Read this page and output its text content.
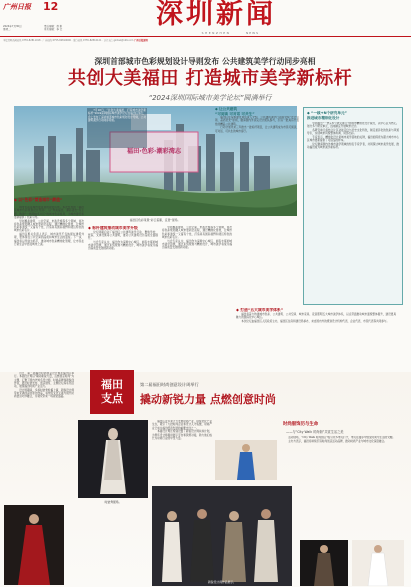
广州日报 12
2024年7月30日
星期二
责任编辑：徐 阳
美术编辑：李 艺	深圳新闻
SHENZHEN	NEWS
本报深圳新闻热线 0755-82811018 · 广告热线 0755-82810000 · 发行热线 0755-82810121 · 读者来信 gzrbsz@126.com 广州日报深圳
深圳首部城市色彩规划设计导则发布 公共建筑美学行动同步亮相
共创大美福田 打造城市美学新标杆
“2024深圳国际城市美学论坛”圆满举行
福田·色彩·潮彩湾志
福田区色彩景观“彩云着墨，宜居”现场。

7月26日，“共创大美福田，打造城市美学新标杆”2024深圳国际城市美学论坛在福田区举行，会上发布了深圳首部城市色彩规划设计导则，公共建筑美学行动同步亮相。

◆ 让公共建筑
“可阅读 可对话 可共生”

福田区住房和建设局负责人介绍，公共建筑美学行动将坚持“设计引领、品质优先”原则，邀请国内外顶尖设计团队参与，打造一批具有代表性的精品公共建筑。

行动计划未来三年推出一批标杆项目，让公共建筑成为市民可阅读、可对话、可共生的城市客厅。

◆ “一核+N个研究单元”
推进城市精细化设计

导则提出“一核+N个研究单元”的城市精细化设计模式，以中心区为核心，划分多个研究单元，因地制宜开展城市设计。

各研究单元将结合片区功能定位与历史文化特色，制定差异化的色彩与风貌导引，实现城市风貌整体协调、局部出彩。

专家表示，精细化设计是城市美学落地的关键，福田的探索为超大城市中心区城市更新提供了可借鉴的样本。

论坛邀请国内外城市美学领域的知名专家学者，共同探讨城市美学发展，推动福田成为城市美学新标杆。

◆ 以“色彩”营造城市“颜值”

城市色彩是城市最直观的视觉印象。本次发布的《福田区城市色彩规划设计导则》，以“秀美福田，潮彩湾志”为主题，构建“一核两轴多片区”的城市色彩格局，为城市建设和更新提供了色彩引导。

导则覆盖建筑、公共空间、市政设施等多个领域，首次将色彩规划融入城市更新全流程，通过精细化管控，让城市色彩和谐统一又富有个性，打造具有国际视野和湾区特色的城市色彩名片。

福田区相关负责人表示，城市美学不仅体现在建筑外观，更体现在公共空间的品质和城市生活的温度。下一步，福田将以导则为抓手，推动城市色彩精细化管理，让市民在日常生活中感受城市之美。

◆ 标杆建筑推动城市美学升级

论坛同期启动了福田区公共建筑美学行动，聚焦学校、医院、文体设施等公共建筑，推动公共建筑设计品质全面提升。

与会专家认为，福田作为深圳中心城区，拥有丰富的城市美学资源，通过系统规划与精细设计，城市美学将成为福田高质量发展的新动能。

导则覆盖建筑、公共空间、市政设施等多个领域，首次将色彩规划融入城市更新全流程，通过精细化管控，让城市色彩和谐统一又富有个性，打造具有国际视野和湾区特色的城市色彩名片。

与会专家认为，福田作为深圳中心城区，拥有丰富的城市美学资源，通过系统规划与精细设计，城市美学将成为福田高质量发展的新动能。

◆ 打造“五大城市美学体系”

福田将着力构建城市色彩、公共建筑、公共空间、城市家具、夜景照明五大城市美学体系，以点带面推动城市面貌整体提升，建设更具魅力的国际化中心城区。

本次论坛由福田区人民政府主办，福田区住房和建设局承办，来自国内外的规划设计机构代表、企业代表、市民代表等共同参与。

福田
支点
第二届福田时尚创意设计周举行
撬动新锐力量 点燃创意时尚
时尚服饰历与生命
——与“City Walk 时尚街”共赏生活之美

近日，第二届福田时尚创意设计周在福田区举行。本届设计周以“撬动新锐力量，点燃创意时尚”为主题，汇聚了国内外知名设计师、时尚品牌和新锐创作者，通过时装发布、创意展览、主题论坛等系列活动，展现福田时尚产业活力。

设计周期间，多场时装秀轮番上演，新锐设计师带来充满创意的原创作品，将传统文化元素与现代时尚语言巧妙融合，为观众带来一场视觉盛宴。

时装秀现场。

福田区近年来大力发展时尚产业，持续优化产业生态，吸引了大批时尚企业和设计人才集聚，时尚产业已成为福田经济发展的重要支柱之一。

本届设计周还特别设置了新锐设计师扶持计划，为青年设计师提供展示平台和资源对接，助力他们成长为时尚行业的中坚力量。

新锐设计师作品展示。

活动现场，“City Walk 时尚街区”吸引众多市民打卡，市民在漫步中感受时尚与生活的交融。

主办方表示，福田将持续打造时尚创意活动品牌，推动时尚产业与城市文化深度融合。
